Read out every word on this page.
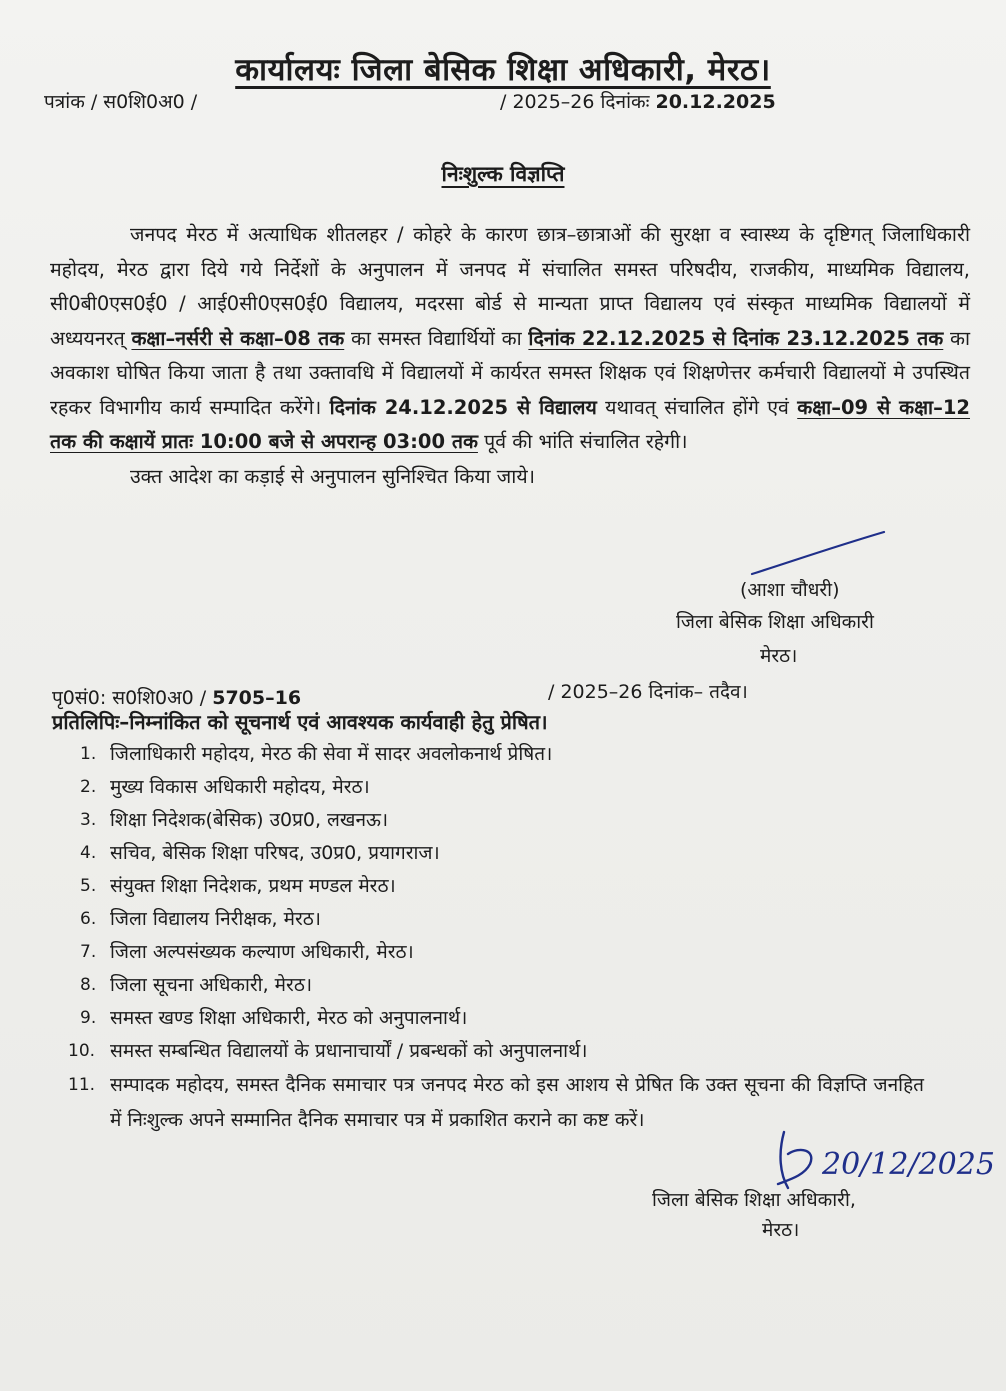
कार्यालयः जिला बेसिक शिक्षा अधिकारी, मेरठ।
पत्रांक / स0शि0अ0 /	/ 2025–26 दिनांकः 20.12.2025
निःशुल्क विज्ञप्ति

जनपद मेरठ में अत्याधिक शीतलहर / कोहरे के कारण छात्र–छात्राओं की सुरक्षा व स्वास्थ्य के दृष्टिगत् जिलाधिकारी महोदय, मेरठ द्वारा दिये गये निर्देशों के अनुपालन में जनपद में संचालित समस्त परिषदीय, राजकीय, माध्यमिक विद्यालय, सी0बी0एस0ई0 / आई0सी0एस0ई0 विद्यालय, मदरसा बोर्ड से मान्यता प्राप्त विद्यालय एवं संस्कृत माध्यमिक विद्यालयों में अध्ययनरत् कक्षा–नर्सरी से कक्षा–08 तक का समस्त विद्यार्थियों का दिनांक 22.12.2025 से दिनांक 23.12.2025 तक का अवकाश घोषित किया जाता है तथा उक्तावधि में विद्यालयों में कार्यरत समस्त शिक्षक एवं शिक्षणेत्तर कर्मचारी विद्यालयों मे उपस्थित रहकर विभागीय कार्य सम्पादित करेंगे। दिनांक 24.12.2025 से विद्यालय यथावत् संचालित होंगे एवं कक्षा–09 से कक्षा–12 तक की कक्षायें प्रातः 10:00 बजे से अपरान्ह 03:00 तक पूर्व की भांति संचालित रहेगी।

उक्त आदेश का कड़ाई से अनुपालन सुनिश्चित किया जाये।

(आशा चौधरी)
जिला बेसिक शिक्षा अधिकारी
मेरठ।
पृ0सं0: स0शि0अ0 / 5705–16	/ 2025–26 दिनांक– तदैव।
प्रतिलिपिः–निम्नांकित को सूचनार्थ एवं आवश्यक कार्यवाही हेतु प्रेषित।
1. जिलाधिकारी महोदय, मेरठ की सेवा में सादर अवलोकनार्थ प्रेषित।
2. मुख्य विकास अधिकारी महोदय, मेरठ।
3. शिक्षा निदेशक(बेसिक) उ0प्र0, लखनऊ।
4. सचिव, बेसिक शिक्षा परिषद, उ0प्र0, प्रयागराज।
5. संयुक्त शिक्षा निदेशक, प्रथम मण्डल मेरठ।
6. जिला विद्यालय निरीक्षक, मेरठ।
7. जिला अल्पसंख्यक कल्याण अधिकारी, मेरठ।
8. जिला सूचना अधिकारी, मेरठ।
9. समस्त खण्ड शिक्षा अधिकारी, मेरठ को अनुपालनार्थ।
10. समस्त सम्बन्धित विद्यालयों के प्रधानाचार्यों / प्रबन्धकों को अनुपालनार्थ।
11. सम्पादक महोदय, समस्त दैनिक समाचार पत्र जनपद मेरठ को इस आशय से प्रेषित कि उक्त सूचना की विज्ञप्ति जनहित में निःशुल्क अपने सम्मानित दैनिक समाचार पत्र में प्रकाशित कराने का कष्ट करें।
20/12/2025
जिला बेसिक शिक्षा अधिकारी,
मेरठ।
